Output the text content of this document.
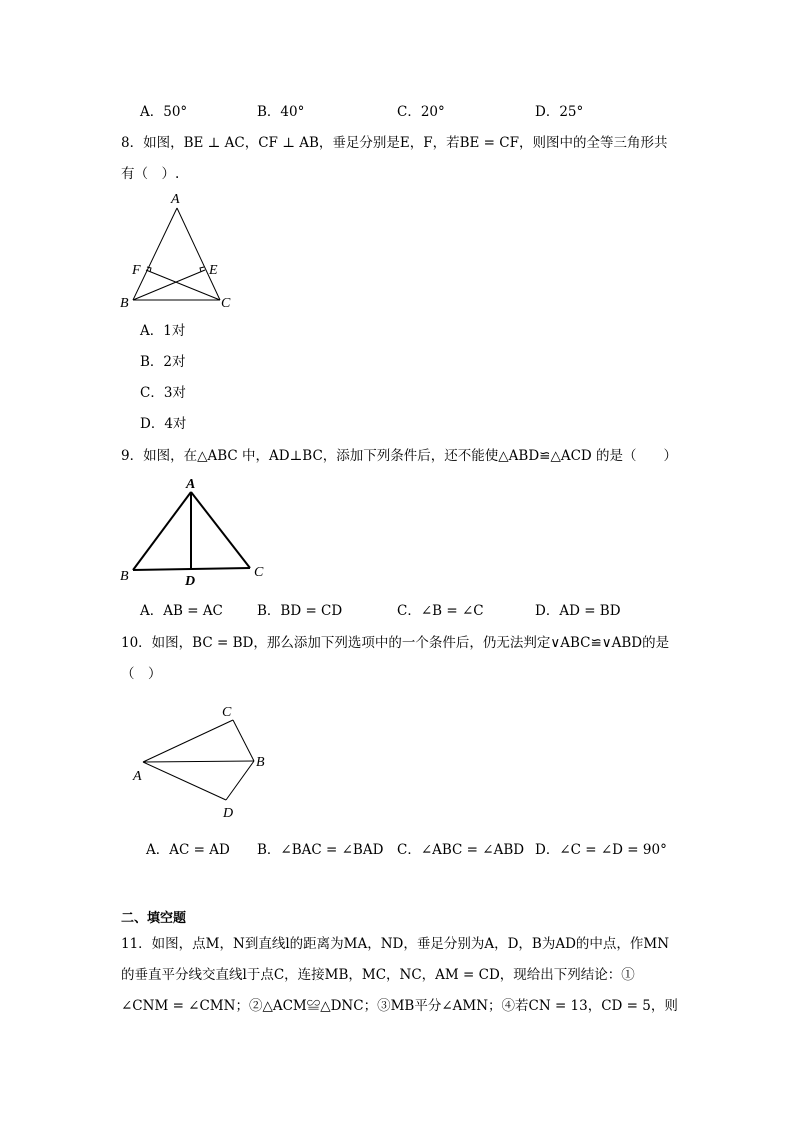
A．50°	B．40°	C．20°	D．25°
8．如图，BE ⊥ AC，CF ⊥ AB，垂足分别是E，F，若BE = CF，则图中的全等三角形共
有（　）.
A
F	E
B	C
A．1对
B．2对
C．3对
D．4对
9．如图，在△ABC 中，AD⊥BC，添加下列条件后，还不能使△ABD≌△ACD 的是（　　）
A
B	D
C
A．AB = AC	B．BD = CD	C．∠B = ∠C	D．AD = BD
10．如图，BC = BD，那么添加下列选项中的一个条件后，仍无法判定∨ABC≌∨ABD的是
（　）
C
A
B
D
A．AC = AD B．∠BAC = ∠BAD C．∠ABC = ∠ABD D．∠C = ∠D = 90°
二、填空题
11．如图，点M，N到直线l的距离为MA，ND，垂足分别为A，D，B为AD的中点，作MN
的垂直平分线交直线l于点C，连接MB，MC，NC，AM = CD，现给出下列结论：①
∠CNM = ∠CMN；②△ACM≌△DNC；③MB平分∠AMN；④若CN = 13，CD = 5，则
